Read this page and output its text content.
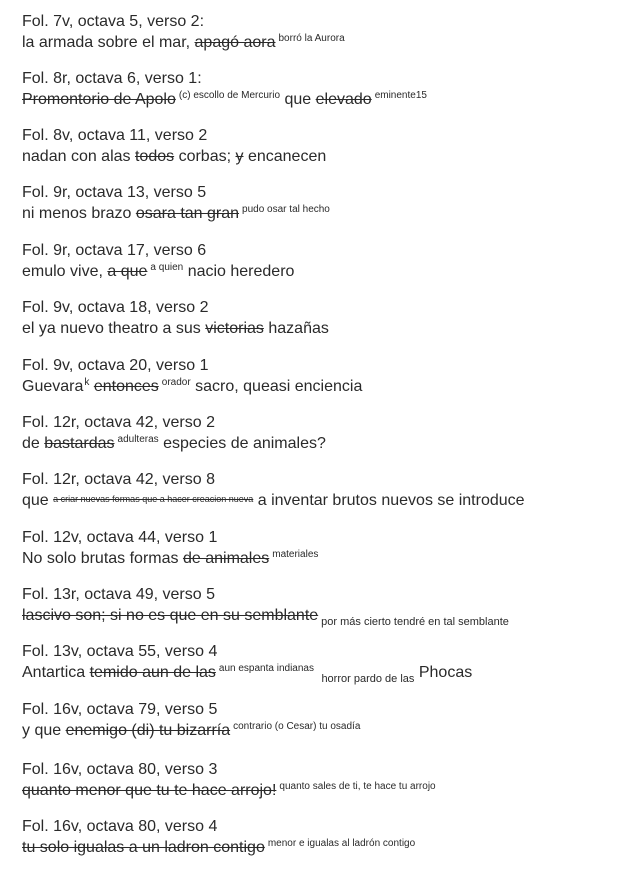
Fol. 7v, octava 5, verso 2:
la armada sobre el mar, apagó aora $^{borró la Aurora}$
Fol. 8r, octava 6, verso 1:
Promontorio de Apolo $^{(c) escollo de Mercurio}$ que elevado $^{eminente15}$
Fol. 8v, octava 11, verso 2
nadan con alas todos corbas; y encanecen
Fol. 9r, octava 13, verso 5
ni menos brazo osara tan gran $^{pudo osar tal hecho}$
Fol. 9r, octava 17, verso 6
emulo vive, a que $^{a quien}$ nacio heredero
Fol. 9v, octava 18, verso 2
el ya nuevo theatro a sus victorias hazañas
Fol. 9v, octava 20, verso 1
Guevara$^k$ entonces $^{orador}$ sacro, queasi enciencia
Fol. 12r, octava 42, verso 2
de bastardas $^{adulteras}$ especies de animales?
Fol. 12r, octava 42, verso 8
que a criar nuevas formas que a hacer creacion nueva a inventar brutos nuevos se introduce
Fol. 12v, octava 44, verso 1
No solo brutas formas de animales $^{materiales}$
Fol. 13r, octava 49, verso 5
lascivo son; si no es que en su semblante $_{por más cierto tendré en tal semblante}$
Fol. 13v, octava 55, verso 4
Antartica temido aun de las $^{aun espanta indianas}$ $_{horror pardo de las}$ Phocas
Fol. 16v, octava 79, verso 5
y que enemigo (di) tu bizarría $^{contrario (o Cesar) tu osadía}$
Fol. 16v, octava 80, verso 3
quanto menor que tu te hace arrojo! $^{quanto sales de ti, te hace tu arrojo}$
Fol. 16v, octava 80, verso 4
tu solo igualas a un ladron contigo $^{menor e igualas al ladrón contigo}$
